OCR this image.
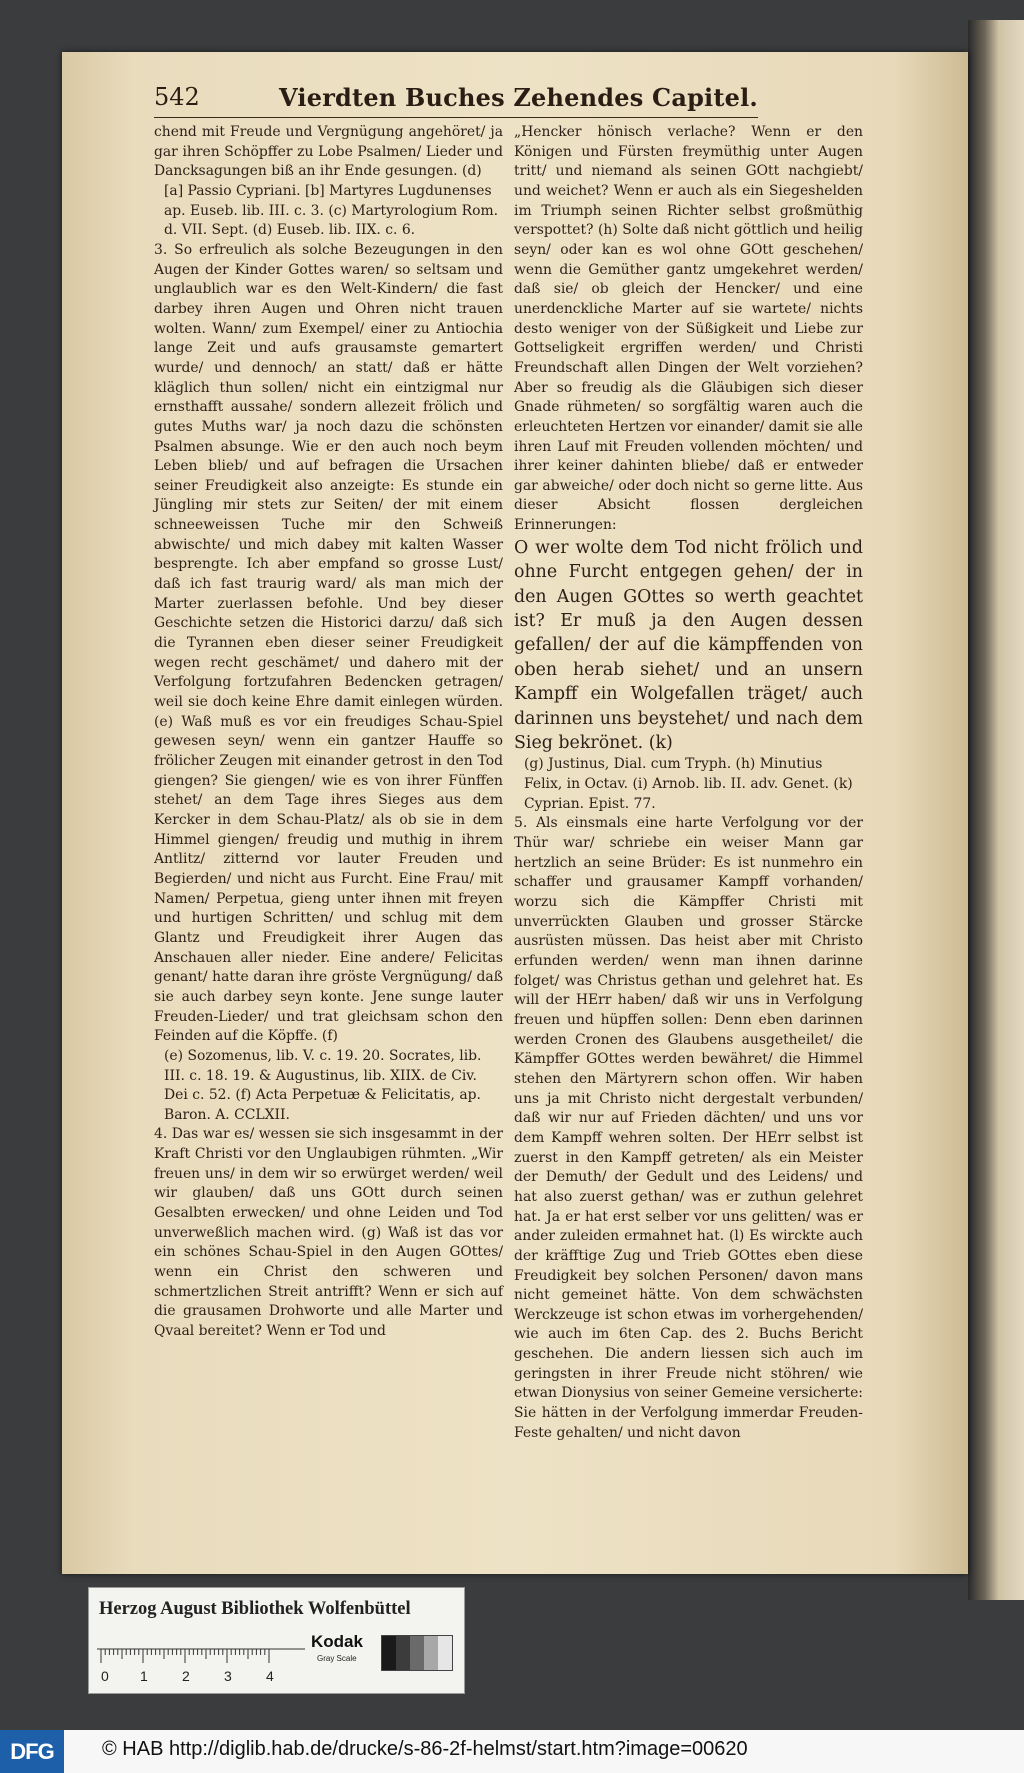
542	Vierdten Buches Zehendes Capitel.

chend mit Freude und Vergnügung angehöret/ ja gar ihren Schöpffer zu Lobe Psalmen/ Lieder und Dancksagungen biß an ihr Ende gesungen. (d)

[a] Passio Cypriani. [b] Martyres Lugdunenses ap. Euseb. lib. III. c. 3. (c) Martyrologium Rom. d. VII. Sept. (d) Euseb. lib. IIX. c. 6.

3. So erfreulich als solche Bezeugungen in den Augen der Kinder Gottes waren/ so seltsam und unglaublich war es den Welt-Kindern/ die fast darbey ihren Augen und Ohren nicht trauen wolten. Wann/ zum Exempel/ einer zu Antiochia lange Zeit und aufs grausamste gemartert wurde/ und dennoch/ an statt/ daß er hätte kläglich thun sollen/ nicht ein eintzigmal nur ernsthafft aussahe/ sondern allezeit frölich und gutes Muths war/ ja noch dazu die schönsten Psalmen absunge. Wie er den auch noch beym Leben blieb/ und auf befragen die Ursachen seiner Freudigkeit also anzeigte: Es stunde ein Jüngling mir stets zur Seiten/ der mit einem schneeweissen Tuche mir den Schweiß abwischte/ und mich dabey mit kalten Wasser besprengte. Ich aber empfand so grosse Lust/ daß ich fast traurig ward/ als man mich der Marter zuerlassen befohle. Und bey dieser Geschichte setzen die Historici darzu/ daß sich die Tyrannen eben dieser seiner Freudigkeit wegen recht geschämet/ und dahero mit der Verfolgung fortzufahren Bedencken getragen/ weil sie doch keine Ehre damit einlegen würden. (e) Waß muß es vor ein freudiges Schau-Spiel gewesen seyn/ wenn ein gantzer Hauffe so frölicher Zeugen mit einander getrost in den Tod giengen? Sie giengen/ wie es von ihrer Fünffen stehet/ an dem Tage ihres Sieges aus dem Kercker in dem Schau-Platz/ als ob sie in dem Himmel giengen/ freudig und muthig in ihrem Antlitz/ zitternd vor lauter Freuden und Begierden/ und nicht aus Furcht. Eine Frau/ mit Namen/ Perpetua, gieng unter ihnen mit freyen und hurtigen Schritten/ und schlug mit dem Glantz und Freudigkeit ihrer Augen das Anschauen aller nieder. Eine andere/ Felicitas genant/ hatte daran ihre gröste Vergnügung/ daß sie auch darbey seyn konte. Jene sunge lauter Freuden-Lieder/ und trat gleichsam schon den Feinden auf die Köpffe. (f)

(e) Sozomenus, lib. V. c. 19. 20. Socrates, lib. III. c. 18. 19. & Augustinus, lib. XIIX. de Civ. Dei c. 52. (f) Acta Perpetuæ & Felicitatis, ap. Baron. A. CCLXII.

4. Das war es/ wessen sie sich insgesammt in der Kraft Christi vor den Unglaubigen rühmten. „Wir freuen uns/ in dem wir so erwürget werden/ weil wir glauben/ daß uns GOtt durch seinen Gesalbten erwecken/ und ohne Leiden und Tod unverweßlich machen wird. (g) Waß ist das vor ein schönes Schau-Spiel in den Augen GOttes/ wenn ein Christ den schweren und schmertzlichen Streit antrifft? Wenn er sich auf die grausamen Drohworte und alle Marter und Qvaal bereitet? Wenn er Tod und

„Hencker hönisch verlache? Wenn er den Königen und Fürsten freymüthig unter Augen tritt/ und niemand als seinen GOtt nachgiebt/ und weichet? Wenn er auch als ein Siegeshelden im Triumph seinen Richter selbst großmüthig verspottet? (h) Solte daß nicht göttlich und heilig seyn/ oder kan es wol ohne GOtt geschehen/ wenn die Gemüther gantz umgekehret werden/ daß sie/ ob gleich der Hencker/ und eine unerdenckliche Marter auf sie wartete/ nichts desto weniger von der Süßigkeit und Liebe zur Gottseligkeit ergriffen werden/ und Christi Freundschaft allen Dingen der Welt vorziehen? Aber so freudig als die Gläubigen sich dieser Gnade rühmeten/ so sorgfältig waren auch die erleuchteten Hertzen vor einander/ damit sie alle ihren Lauf mit Freuden vollenden möchten/ und ihrer keiner dahinten bliebe/ daß er entweder gar abweiche/ oder doch nicht so gerne litte. Aus dieser Absicht flossen dergleichen Erinnerungen:

O wer wolte dem Tod nicht frölich und ohne Furcht entgegen gehen/ der in den Augen GOttes so werth geachtet ist? Er muß ja den Augen dessen gefallen/ der auf die kämpffenden von oben herab siehet/ und an unsern Kampff ein Wolgefallen träget/ auch darinnen uns beystehet/ und nach dem Sieg bekrönet. (k)

(g) Justinus, Dial. cum Tryph. (h) Minutius Felix, in Octav. (i) Arnob. lib. II. adv. Genet. (k) Cyprian. Epist. 77.

5. Als einsmals eine harte Verfolgung vor der Thür war/ schriebe ein weiser Mann gar hertzlich an seine Brüder: Es ist nunmehro ein schaffer und grausamer Kampff vorhanden/ worzu sich die Kämpffer Christi mit unverrückten Glauben und grosser Stärcke ausrüsten müssen. Das heist aber mit Christo erfunden werden/ wenn man ihnen darinne folget/ was Christus gethan und gelehret hat. Es will der HErr haben/ daß wir uns in Verfolgung freuen und hüpffen sollen: Denn eben darinnen werden Cronen des Glaubens ausgetheilet/ die Kämpffer GOttes werden bewähret/ die Himmel stehen den Märtyrern schon offen. Wir haben uns ja mit Christo nicht dergestalt verbunden/ daß wir nur auf Frieden dächten/ und uns vor dem Kampff wehren solten. Der HErr selbst ist zuerst in den Kampff getreten/ als ein Meister der Demuth/ der Gedult und des Leidens/ und hat also zuerst gethan/ was er zuthun gelehret hat. Ja er hat erst selber vor uns gelitten/ was er ander zuleiden ermahnet hat. (l) Es wirckte auch der kräfftige Zug und Trieb GOttes eben diese Freudigkeit bey solchen Personen/ davon mans nicht gemeinet hätte. Von dem schwächsten Werckzeuge ist schon etwas im vorhergehenden/ wie auch im 6ten Cap. des 2. Buchs Bericht geschehen. Die andern liessen sich auch im geringsten in ihrer Freude nicht stöhren/ wie etwan Dionysius von seiner Gemeine versicherte: Sie hätten in der Verfolgung immerdar Freuden-Feste gehalten/ und nicht davon

Herzog August Bibliothek Wolfenbüttel
0 1 2 3 4
Kodak
Gray Scale
DFG	© HAB http://diglib.hab.de/drucke/s-86-2f-helmst/start.htm?image=00620
